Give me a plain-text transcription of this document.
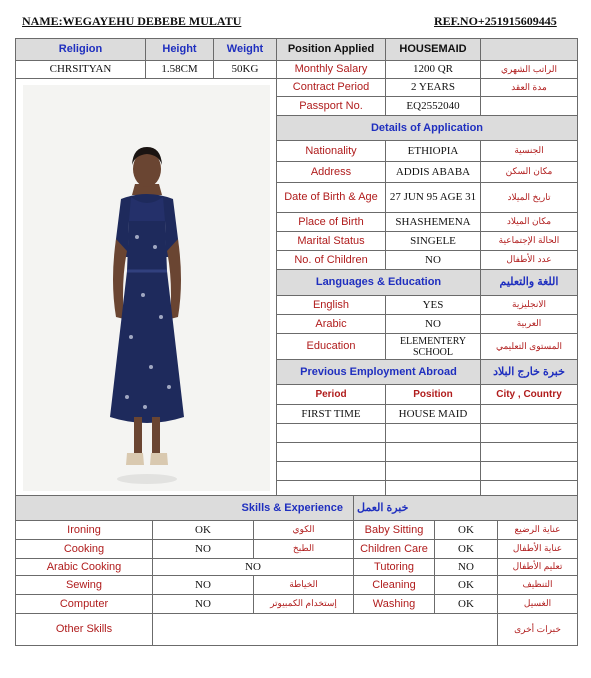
NAME:WEGAYEHU DEBEBE MULATU	REF.NO+251915609445
Religion	Height	Weight	Position Applied	HOUSEMAID	
CHRSITYAN	1.58CM	50KG	Monthly Salary	1200 QR	الراتب الشهري

	Contract Period	2 YEARS	مدة العقد
			Passport No.	EQ2552040	
			Details of Application		
			Nationality	ETHIOPIA	الجنسية
			Address	ADDIS ABABA	مكان السكن
			Date of Birth & Age	27 JUN 95 AGE 31	تاريخ الميلاد
			Place of Birth	SHASHEMENA	مكان الميلاد
			Marital Status	SINGELE	الحالة الإجتماعية
			No. of Children	NO	عدد الأطفال
			Languages & Education		اللغة والتعليم
			English	YES	الانجليزية
			Arabic	NO	العربية
			Education	ELEMENTERY SCHOOL	المستوى التعليمي
			Previous Employment Abroad		خبرة خارج البلاد
			Period	Position	City , Country
			FIRST TIME	HOUSE MAID	

Skills & Experience			خبرة العمل		
Ironing	OK	الكوي	Baby Sitting	OK	عناية الرضيع
Cooking	NO	الطبخ	Children Care	OK	عناية الأطفال
Arabic Cooking	NO		Tutoring	NO	تعليم الأطفال
Sewing	NO	الخياطة	Cleaning	OK	التنظيف
Computer	NO	إستخدام الكمبيوتر	Washing	OK	الغسيل
Other Skills					خبرات أخرى
